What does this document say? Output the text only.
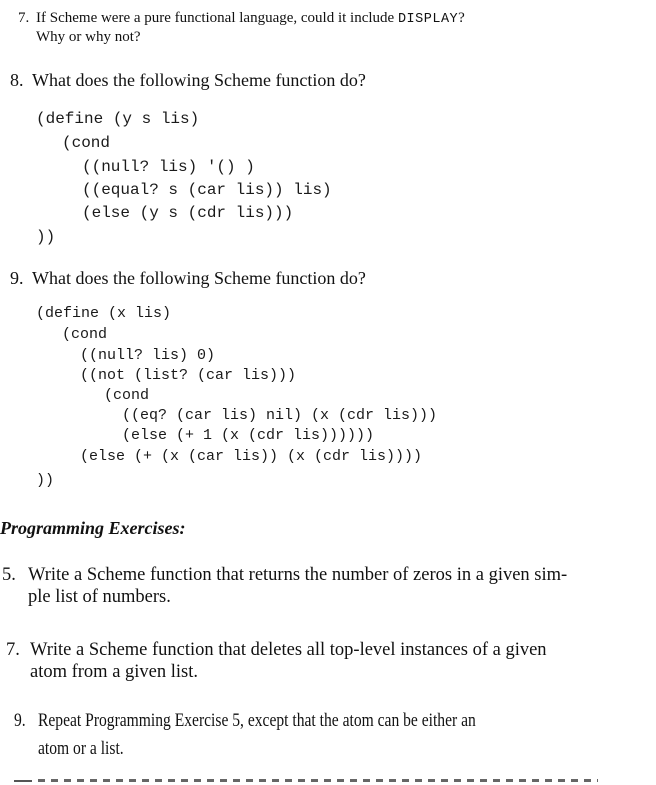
7. If Scheme were a pure functional language, could it include DISPLAY?
Why or why not?
8. What does the following Scheme function do?
(define (y s lis)
(cond
((null? lis) '() )
((equal? s (car lis)) lis)
(else (y s (cdr lis)))
))
9. What does the following Scheme function do?
(define (x lis)
(cond
((null? lis) 0)
((not (list? (car lis)))
(cond
((eq? (car lis) nil) (x (cdr lis)))
(else (+ 1 (x (cdr lis))))))
(else (+ (x (car lis)) (x (cdr lis))))
))
Programming Exercises:
5. Write a Scheme function that returns the number of zeros in a given sim-
ple list of numbers.
7. Write a Scheme function that deletes all top-level instances of a given
atom from a given list.
9. Repeat Programming Exercise 5, except that the atom can be either an
atom or a list.
